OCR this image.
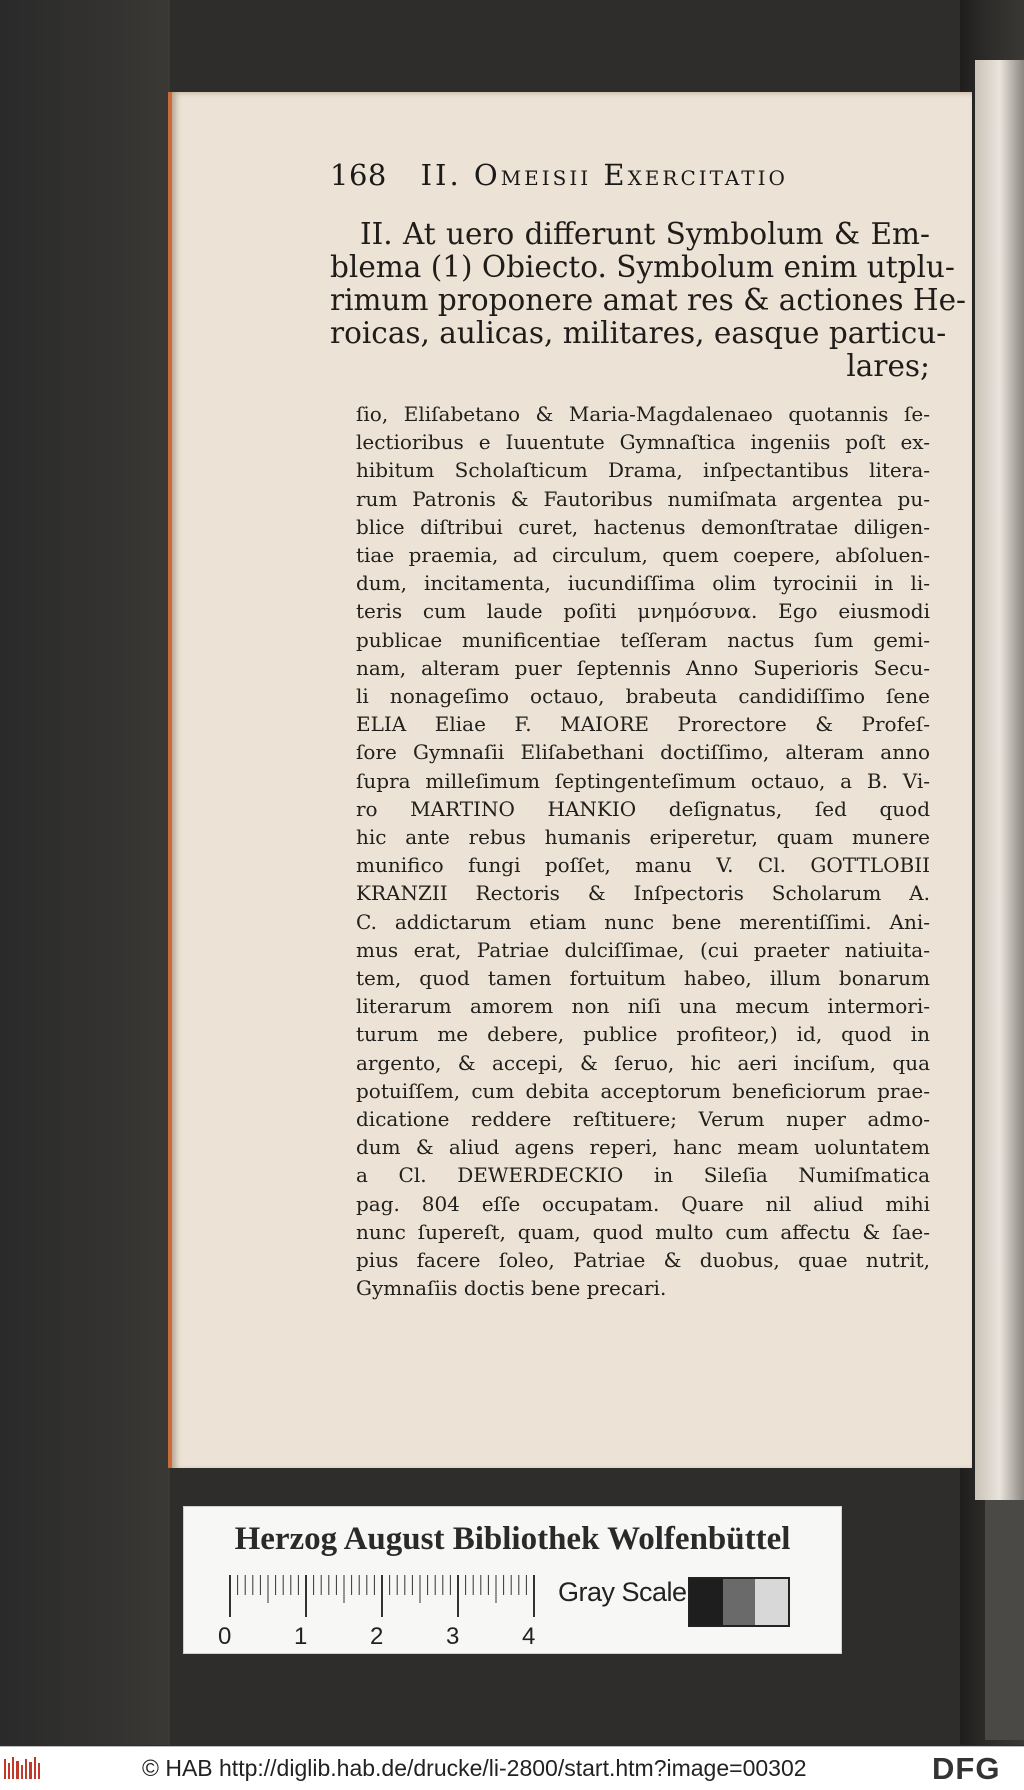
168 II. Omeisii Exercitatio
II. At uero differunt Symbolum & Em-
blema (1) Obiecto. Symbolum enim utplu-
rimum proponere amat res & actiones He-
roicas, aulicas, militares, easque particu-
lares;
ſio, Eliſabetano & Maria-Magdalenaeo quotannis ſe-
lectioribus e Iuuentute Gymnaſtica ingeniis poſt ex-
hibitum Scholaſticum Drama, inſpectantibus litera-
rum Patronis & Fautoribus numiſmata argentea pu-
blice diſtribui curet, hactenus demonſtratae diligen-
tiae praemia, ad circulum, quem coepere, abſoluen-
dum, incitamenta, iucundiſſima olim tyrocinii in li-
teris cum laude poſiti μνημόσυνα. Ego eiusmodi
publicae munificentiae teſſeram nactus ſum gemi-
nam, alteram puer ſeptennis Anno Superioris Secu-
li nonageſimo octauo, brabeuta candidiſſimo ſene
ELIA Eliae F. MAIORE Prorectore & Profeſ-
ſore Gymnaſii Eliſabethani doctiſſimo, alteram anno
ſupra milleſimum ſeptingenteſimum octauo, a B. Vi-
ro MARTINO HANKIO deſignatus, ſed quod
hic ante rebus humanis eriperetur, quam munere
munifico fungi poſſet, manu V. Cl. GOTTLOBII
KRANZII Rectoris & Inſpectoris Scholarum A.
C. addictarum etiam nunc bene merentiſſimi. Ani-
mus erat, Patriae dulciſſimae, (cui praeter natiuita-
tem, quod tamen fortuitum habeo, illum bonarum
literarum amorem non niſi una mecum intermori-
turum me debere, publice profiteor,) id, quod in
argento, & accepi, & ſeruo, hic aeri inciſum, qua
potuiſſem, cum debita acceptorum beneficiorum prae-
dicatione reddere reſtituere; Verum nuper admo-
dum & aliud agens reperi, hanc meam uoluntatem
a Cl. DEWERDECKIO in Sileſia Numiſmatica
pag. 804 eſſe occupatam. Quare nil aliud mihi
nunc ſupereſt, quam, quod multo cum affectu & ſae-
pius facere ſoleo, Patriae & duobus, quae nutrit,
Gymnaſiis doctis bene precari.
Herzog August Bibliothek Wolfenbüttel
0	1	2	3	4
Gray Scale
© HAB http://diglib.hab.de/drucke/li-2800/start.htm?image=00302	DFG
